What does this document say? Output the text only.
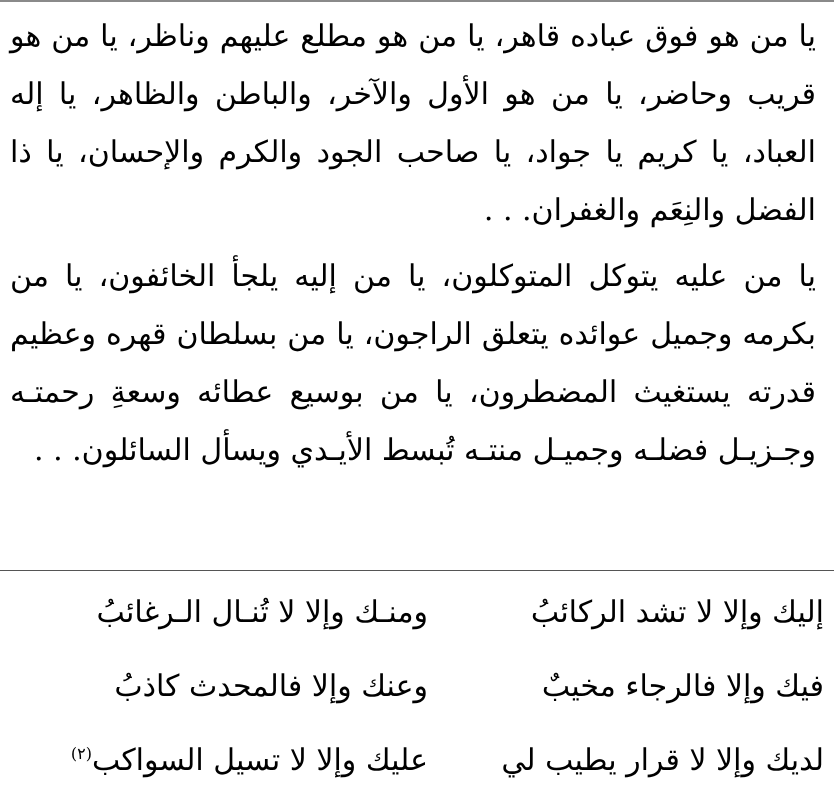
يا من هو فوق عباده قاهر، يا من هو مطلع عليهم وناظر، يا من هو قريب وحاضر، يا من هو الأول والآخر، والباطن والظاهر، يا إله العباد، يا كريم يا جواد، يا صاحب الجود والكرم والإحسان، يا ذا الفضل والنِعَم والغفران. . .

يا من عليه يتوكل المتوكلون، يا من إليه يلجأ الخائفون، يا من بكرمه وجميل عوائده يتعلق الراجون، يا من بسلطان قهره وعظيم قدرته يستغيث المضطرون، يا من بوسيع عطائه وسعةِ رحمتـه وجـزيـل فضلـه وجميـل منتـه تُبسط الأيـدي ويسأل السائلون. . .

إليك وإلا لا تشد الركائبُ
ومنـك وإلا لا تُنـال الـرغائبُ
فيك وإلا فالرجاء مخيبٌ
وعنك وإلا فالمحدث كاذبُ
لديك وإلا لا قرار يطيب لي
عليك وإلا لا تسيل السواكب$^{(٢)}$
